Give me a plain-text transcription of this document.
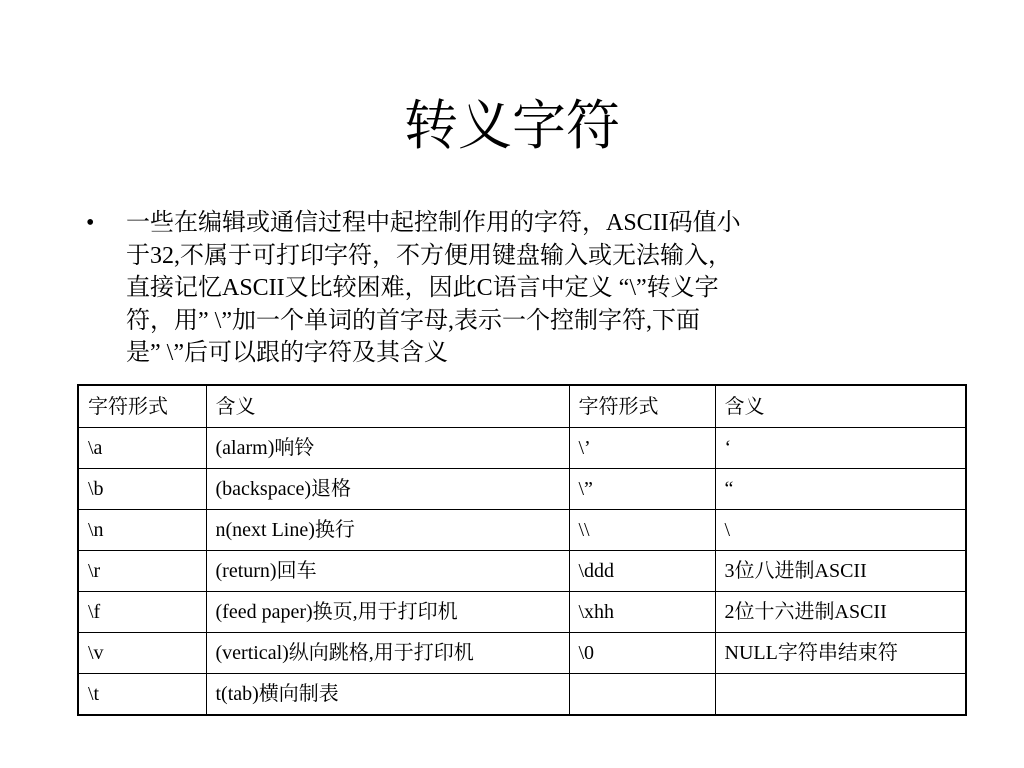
转义字符
• 一些在编辑或通信过程中起控制作用的字符，ASCII码值小
于32,不属于可打印字符，不方便用键盘输入或无法输入，
直接记忆ASCII又比较困难，因此C语言中定义 “\”转义字
符，用” \”加一个单词的首字母,表示一个控制字符,下面
是” \”后可以跟的字符及其含义
字符形式	含义	字符形式	含义
\a	(alarm)响铃	\’	‘
\b	(backspace)退格	\”	“
\n	n(next Line)换行	\\	\
\r	(return)回车	\ddd	3位八进制ASCII
\f	(feed paper)换页,用于打印机	\xhh	2位十六进制ASCII
\v	(vertical)纵向跳格,用于打印机	\0	NULL字符串结束符
\t	t(tab)横向制表		
